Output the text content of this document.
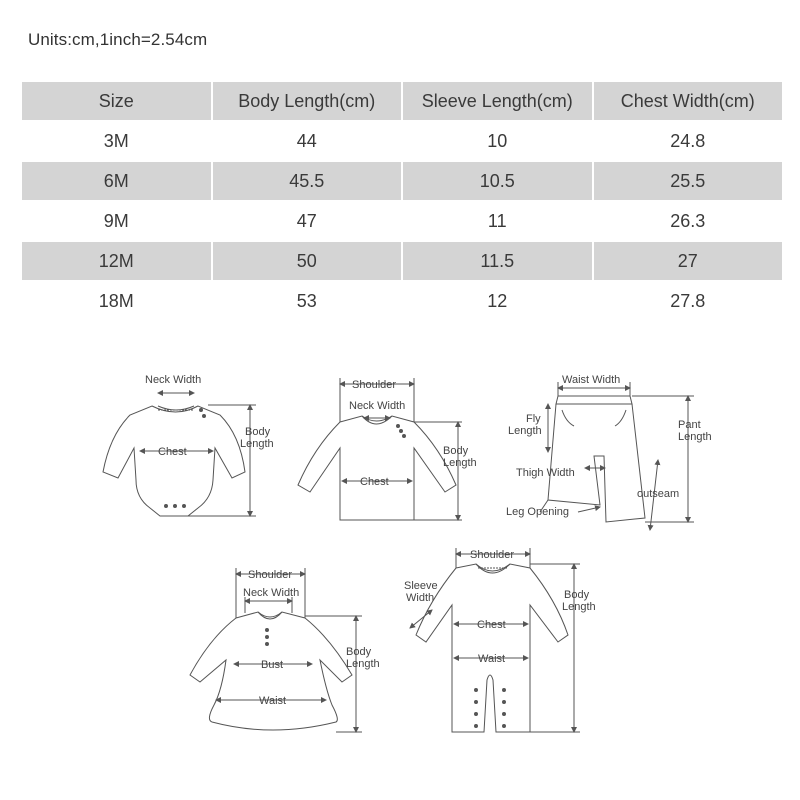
Units:cm,1inch=2.54cm
Size	Body Length(cm)	Sleeve Length(cm)	Chest Width(cm)
3M	44	10	24.8
6M	45.5	10.5	25.5
9M	47	11	26.3
12M	50	11.5	27
18M	53	12	27.8
Neck Width
Chest
Body
Length
Shoulder
Neck Width
Chest
Body
Length
Waist Width
Fly
Length	Pant
Length
Thigh Width
outseam
Leg Opening
Shoulder
Neck Width
Bust
Waist
Body
Length
Shoulder
Sleeve
Width
Chest
Waist
Body
Length
